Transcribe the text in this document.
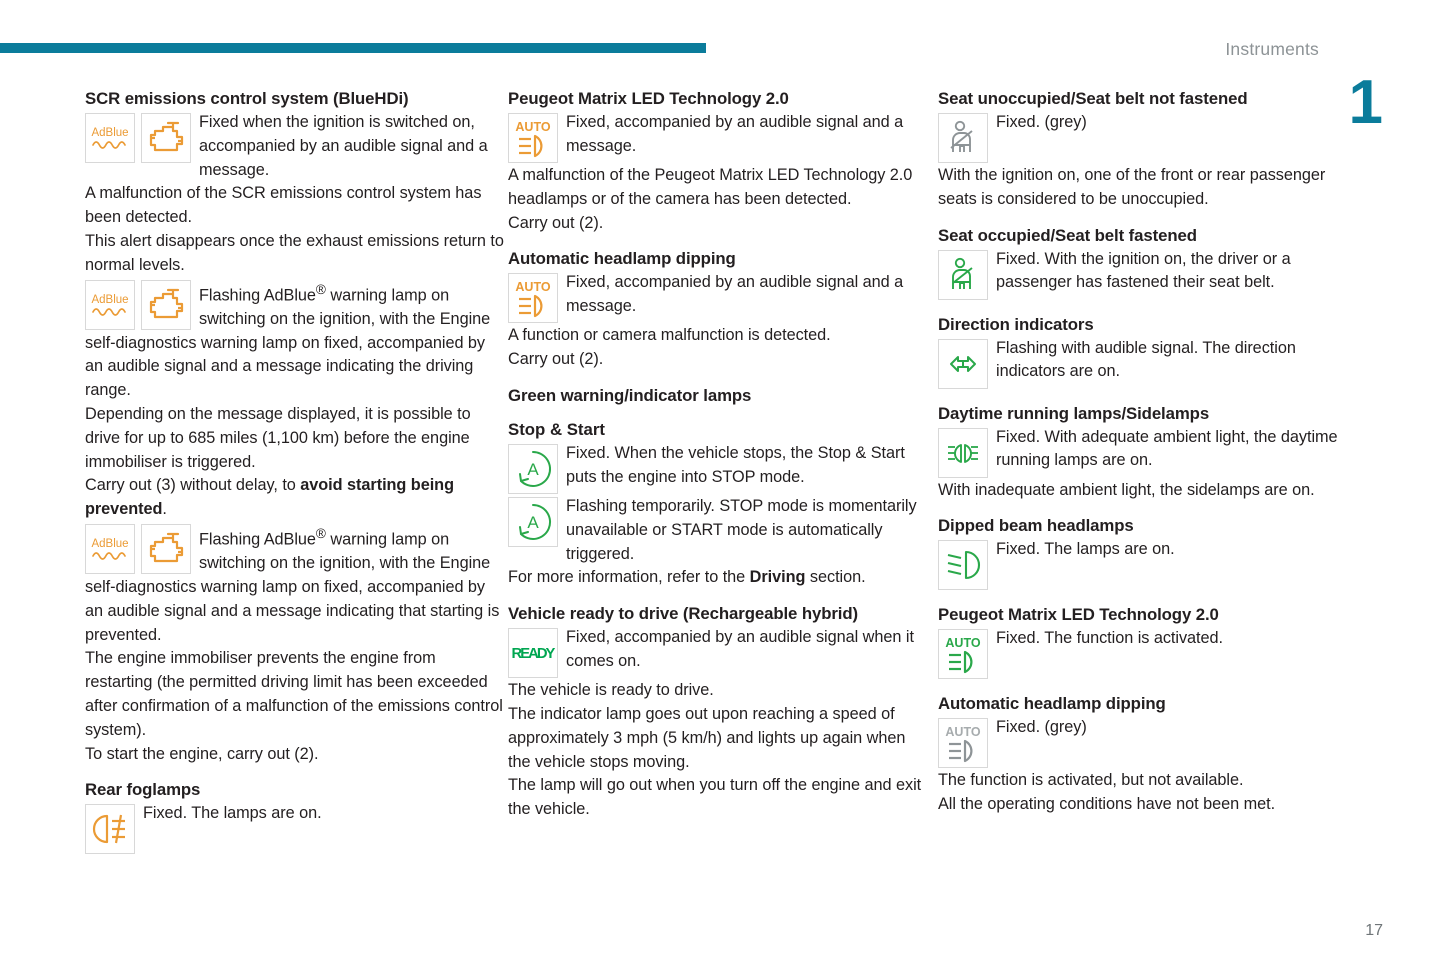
Instruments
1
17
SCR emissions control system (BlueHDi)
AdBlue

Fixed when the ignition is switched on, accompanied by an audible signal and a message.

A malfunction of the SCR emissions control system has been detected.

This alert disappears once the exhaust emissions return to normal levels.

AdBlue	Flashing AdBlue® warning lamp on switching on the ignition, with the Engine self-diagnostics warning lamp on fixed, accompanied by an audible signal and a message indicating the driving range.

Depending on the message displayed, it is possible to drive for up to 685 miles (1,100 km) before the engine immobiliser is triggered.

Carry out (3) without delay, to avoid starting being prevented.

AdBlue	Flashing AdBlue® warning lamp on switching on the ignition, with the Engine self-diagnostics warning lamp on fixed, accompanied by an audible signal and a message indicating that starting is prevented.

The engine immobiliser prevents the engine from restarting (the permitted driving limit has been exceeded after confirmation of a malfunction of the emissions control system).

To start the engine, carry out (2).

Rear foglamps

Fixed. The lamps are on.

Peugeot Matrix LED Technology 2.0
AUTO Fixed, accompanied by an audible signal and a message.

A malfunction of the Peugeot Matrix LED Technology 2.0 headlamps or of the camera has been detected.

Carry out (2).

Automatic headlamp dipping
AUTO Fixed, accompanied by an audible signal and a message.

A function or camera malfunction is detected.

Carry out (2).

Green warning/indicator lamps
Stop & Start
A

Fixed. When the vehicle stops, the Stop & Start puts the engine into STOP mode.

A

Flashing temporarily. STOP mode is momentarily unavailable or START mode is automatically triggered.

For more information, refer to the Driving section.

Vehicle ready to drive (Rechargeable hybrid)
READY

Fixed, accompanied by an audible signal when it comes on.

The vehicle is ready to drive.

The indicator lamp goes out upon reaching a speed of approximately 3 mph (5 km/h) and lights up again when the vehicle stops moving.

The lamp will go out when you turn off the engine and exit the vehicle.

Seat unoccupied/Seat belt not fastened

Fixed. (grey)

With the ignition on, one of the front or rear passenger seats is considered to be unoccupied.

Seat occupied/Seat belt fastened

Fixed. With the ignition on, the driver or a passenger has fastened their seat belt.

Direction indicators

Flashing with audible signal. The direction indicators are on.

Daytime running lamps/Sidelamps

Fixed. With adequate ambient light, the daytime running lamps are on.

With inadequate ambient light, the sidelamps are on.

Dipped beam headlamps

Fixed. The lamps are on.

Peugeot Matrix LED Technology 2.0
AUTO Fixed. The function is activated.

Automatic headlamp dipping
AUTO Fixed. (grey)

The function is activated, but not available.

All the operating conditions have not been met.
